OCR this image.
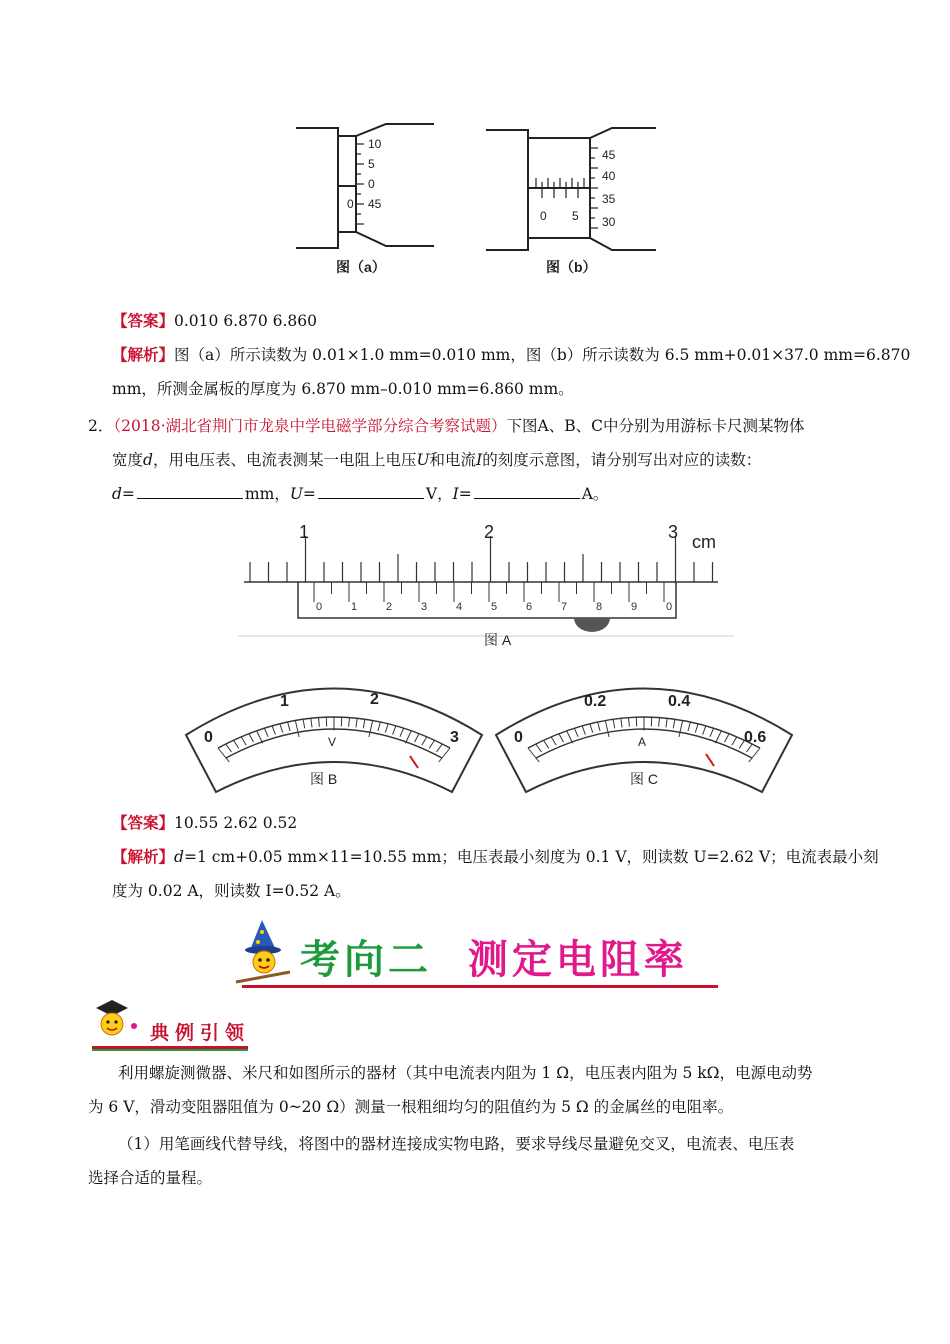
10
5
0
45
0
45
40
35
30
0 5
图（a）	图（b）
【答案】0.010 6.870 6.860
【解析】图（a）所示读数为 0.01×1.0 mm=0.010 mm，图（b）所示读数为 6.5 mm+0.01×37.0 mm=6.870
mm，所测金属板的厚度为 6.870 mm–0.010 mm=6.860 mm。
2．（2018·湖北省荆门市龙泉中学电磁学部分综合考察试题）下图A、B、C中分别为用游标卡尺测某物体
宽度d，用电压表、电流表测某一电阻上电压U和电流I的刻度示意图，请分别写出对应的读数：
d=	mm，U=	V，I=	A。
1	2	3 cm
0	1	2	3	4	5	6	7	8	9	0
图 A
0
1	2
3
V
图 B
0
0.2	0.4
0.6
A
图 C
【答案】10.55 2.62 0.52
【解析】d=1 cm+0.05 mm×11=10.55 mm；电压表最小刻度为 0.1 V，则读数 U=2.62 V；电流表最小刻
度为 0.02 A，则读数 I=0.52 A。
考向二 测定电阻率
典例引领
利用螺旋测微器、米尺和如图所示的器材（其中电流表内阻为 1 Ω，电压表内阻为 5 kΩ，电源电动势
为 6 V，滑动变阻器阻值为 0~20 Ω）测量一根粗细均匀的阻值约为 5 Ω 的金属丝的电阻率。
（1）用笔画线代替导线，将图中的器材连接成实物电路，要求导线尽量避免交叉，电流表、电压表
选择合适的量程。
